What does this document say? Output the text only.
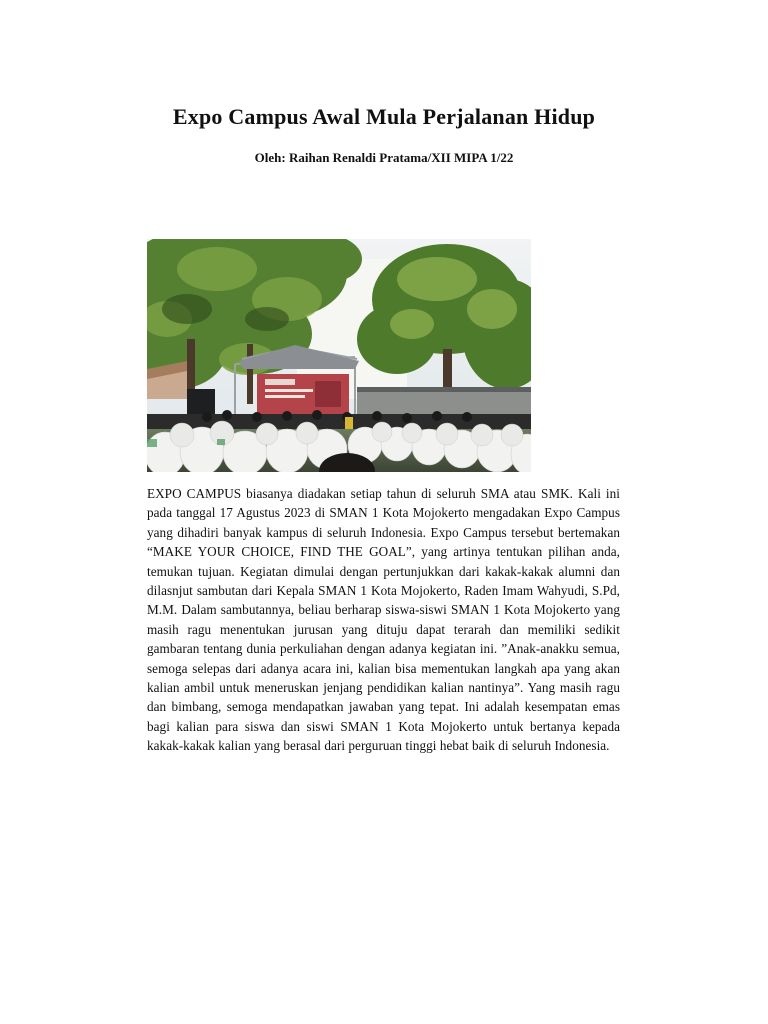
Expo Campus Awal Mula Perjalanan Hidup

Oleh: Raihan Renaldi Pratama/XII MIPA 1/22

EXPO CAMPUS biasanya diadakan setiap tahun di seluruh SMA atau SMK. Kali ini pada tanggal 17 Agustus 2023 di SMAN 1 Kota Mojokerto mengadakan Expo Campus yang dihadiri banyak kampus di seluruh Indonesia. Expo Campus tersebut bertemakan “MAKE YOUR CHOICE, FIND THE GOAL”, yang artinya tentukan pilihan anda, temukan tujuan. Kegiatan dimulai dengan pertunjukkan dari kakak-kakak alumni dan dilasnjut sambutan dari Kepala SMAN 1 Kota Mojokerto, Raden Imam Wahyudi, S.Pd, M.M. Dalam sambutannya, beliau berharap siswa-siswi SMAN 1 Kota Mojokerto yang masih ragu menentukan jurusan yang dituju dapat terarah dan memiliki sedikit gambaran tentang dunia perkuliahan dengan adanya kegiatan ini. ”Anak-anakku semua, semoga selepas dari adanya acara ini, kalian bisa mementukan langkah apa yang akan kalian ambil untuk meneruskan jenjang pendidikan kalian nantinya”. Yang masih ragu dan bimbang, semoga mendapatkan jawaban yang tepat. Ini adalah kesempatan emas bagi kalian para siswa dan siswi SMAN 1 Kota Mojokerto untuk bertanya kepada kakak-kakak kalian yang berasal dari perguruan tinggi hebat baik di seluruh Indonesia.
